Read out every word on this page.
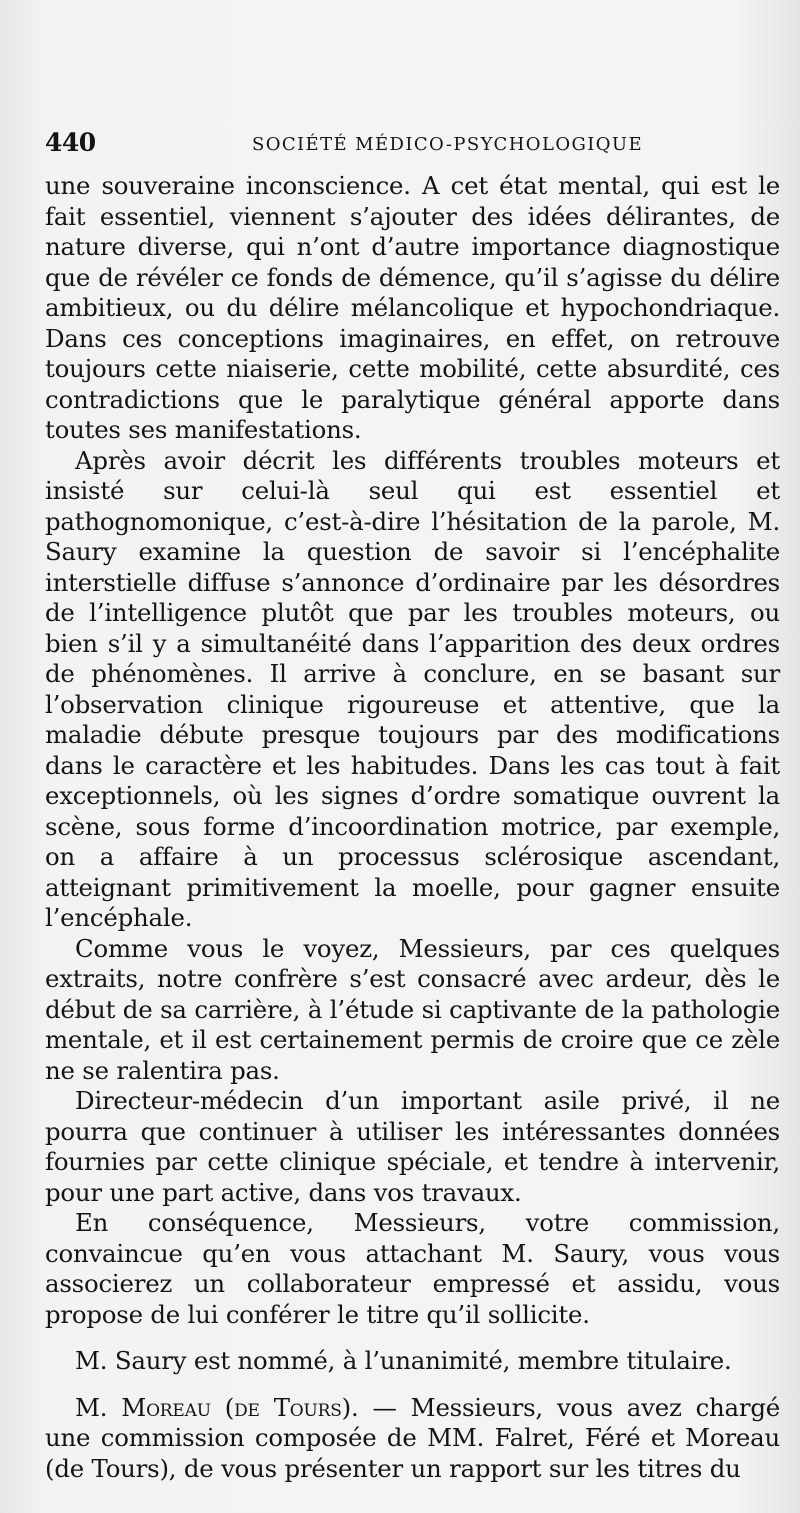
440	SOCIÉTÉ MÉDICO-PSYCHOLOGIQUE

une souveraine inconscience. A cet état mental, qui est le fait essentiel, viennent s’ajouter des idées délirantes, de nature diverse, qui n’ont d’autre importance diagnostique que de révéler ce fonds de démence, qu’il s’agisse du délire ambitieux, ou du délire mélancolique et hypochondriaque. Dans ces conceptions imaginaires, en effet, on retrouve toujours cette niaiserie, cette mobilité, cette absurdité, ces contradictions que le paralytique général apporte dans toutes ses manifestations.

Après avoir décrit les différents troubles moteurs et insisté sur celui-là seul qui est essentiel et pathognomonique, c’est-à-dire l’hésitation de la parole, M. Saury examine la question de savoir si l’encéphalite interstielle diffuse s’annonce d’ordinaire par les désordres de l’intelligence plutôt que par les troubles moteurs, ou bien s’il y a simultanéité dans l’apparition des deux ordres de phénomènes. Il arrive à conclure, en se basant sur l’observation clinique rigoureuse et attentive, que la maladie débute presque toujours par des modifications dans le caractère et les habitudes. Dans les cas tout à fait exceptionnels, où les signes d’ordre somatique ouvrent la scène, sous forme d’incoordination motrice, par exemple, on a affaire à un processus sclérosique ascendant, atteignant primitivement la moelle, pour gagner ensuite l’encéphale.

Comme vous le voyez, Messieurs, par ces quelques extraits, notre confrère s’est consacré avec ardeur, dès le début de sa carrière, à l’étude si captivante de la pathologie mentale, et il est certainement permis de croire que ce zèle ne se ralentira pas.

Directeur-médecin d’un important asile privé, il ne pourra que continuer à utiliser les intéressantes données fournies par cette clinique spéciale, et tendre à intervenir, pour une part active, dans vos travaux.

En conséquence, Messieurs, votre commission, convaincue qu’en vous attachant M. Saury, vous vous associerez un collaborateur empressé et assidu, vous propose de lui conférer le titre qu’il sollicite.

M. Saury est nommé, à l’unanimité, membre titulaire.

M. Moreau (de Tours). — Messieurs, vous avez chargé une commission composée de MM. Falret, Féré et Moreau (de Tours), de vous présenter un rapport sur les titres du
